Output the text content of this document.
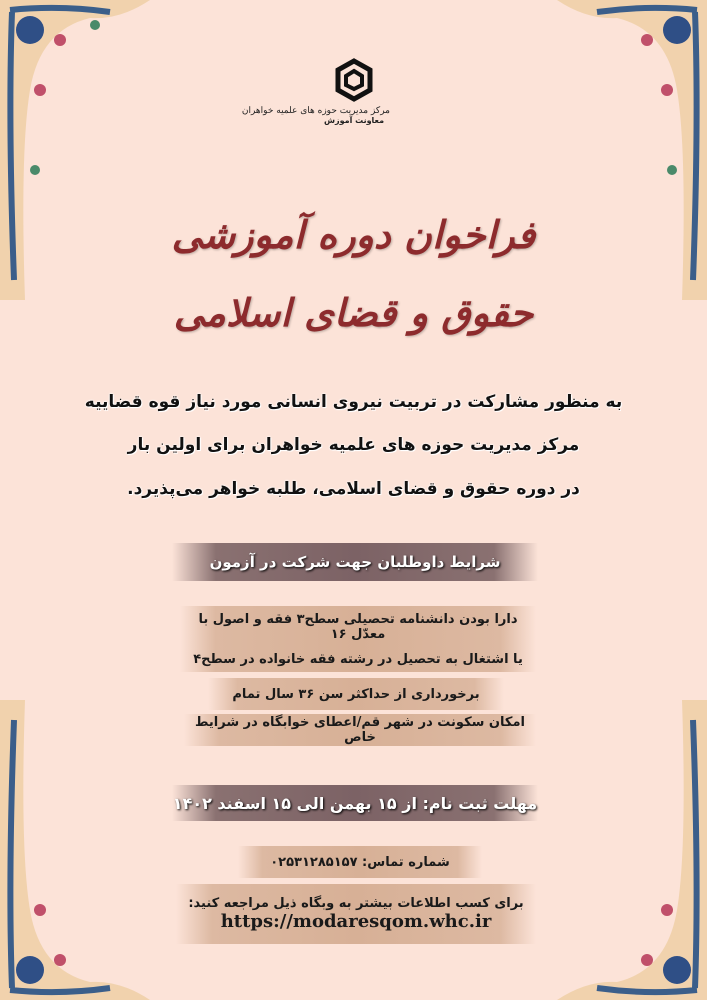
مرکز مدیریت حوزه های علمیه خواهران
معاونت آموزش
فراخوان دوره آموزشی
حقوق و قضای اسلامی
به منظور مشارکت در تربیت نیروی انسانی مورد نیاز قوه قضاییه
مرکز مدیریت حوزه های علمیه خواهران برای اولین بار
در دوره حقوق و قضای اسلامی، طلبه خواهر می‌پذیرد.
شرایط داوطلبان جهت شرکت در آزمون
دارا بودن دانشنامه تحصیلی سطح۳ فقه و اصول با معدّل ۱۶
یا اشتغال به تحصیل در رشته فقه خانواده در سطح۴
برخورداری از حداکثر سن ۳۶ سال تمام
امکان سکونت در شهر قم/اعطای خوابگاه در شرایط خاص
مهلت ثبت نام: از ۱۵ بهمن الی ۱۵ اسفند ۱۴۰۲
شماره تماس: ۰۲۵۳۱۲۸۵۱۵۷
برای کسب اطلاعات بیشتر به وبگاه ذیل مراجعه کنید:
https://modaresqom.whc.ir
